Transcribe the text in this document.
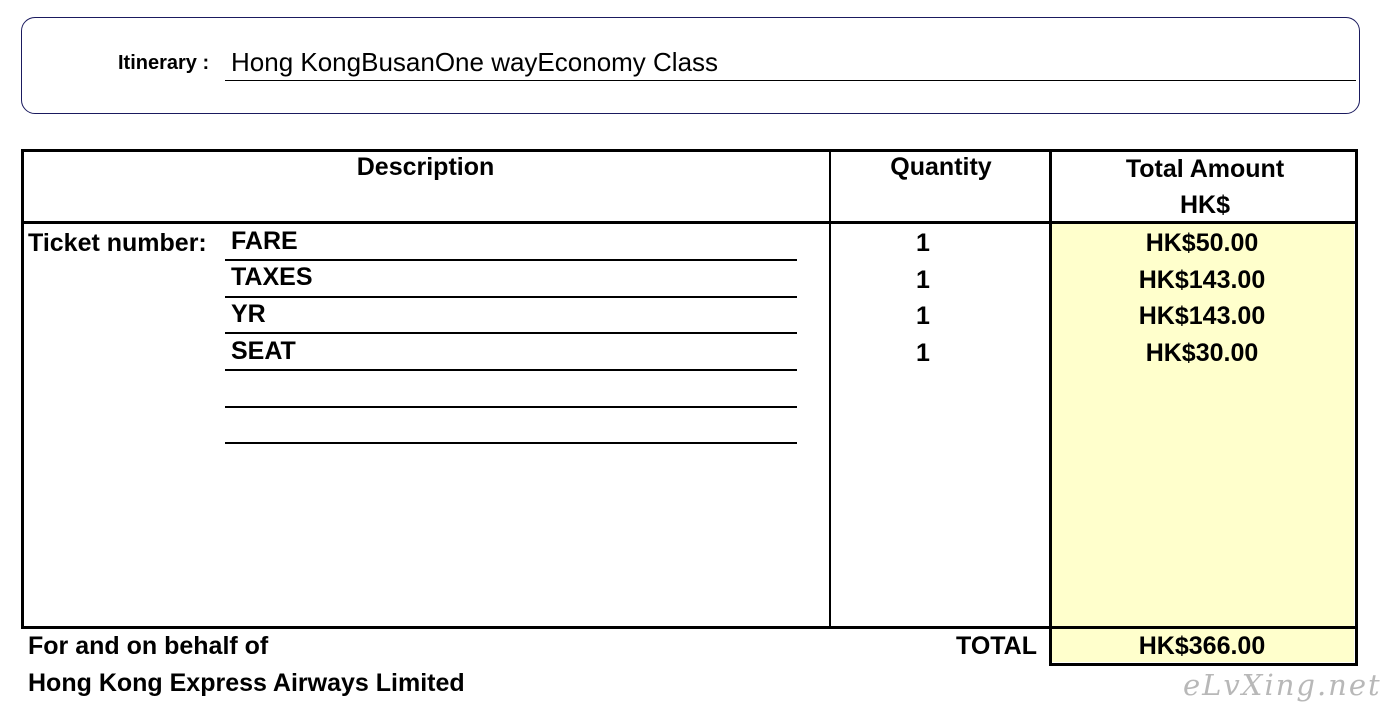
Itinerary : Hong KongBusanOne wayEconomy Class
Description	Quantity	Total Amount
HK$
Ticket number: FARE	1	HK$50.00
TAXES	1	HK$143.00
YR	1	HK$143.00
SEAT	1	HK$30.00
TOTAL	HK$366.00
For and on behalf of
Hong Kong Express Airways Limited	eLvXing.net
